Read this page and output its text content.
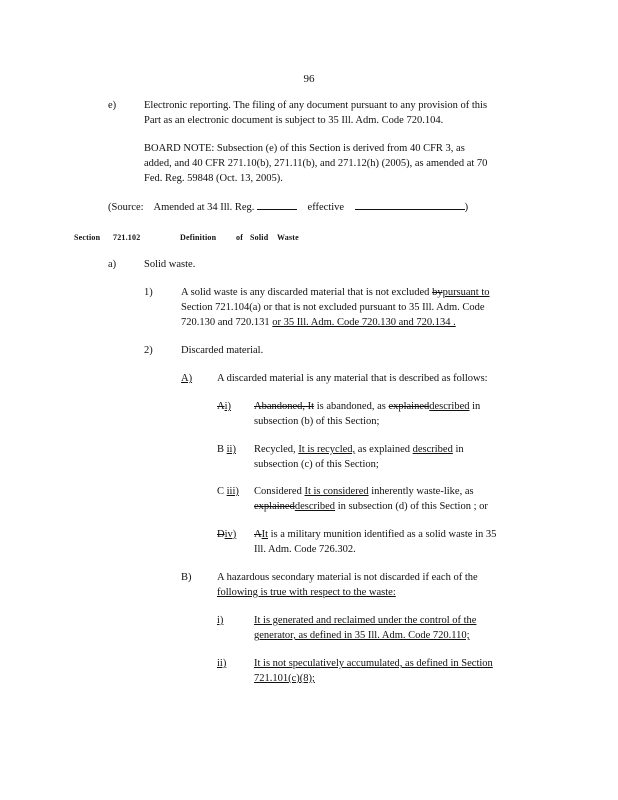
96
e)	Electronic reporting. The filing of any document pursuant to any provision of this
Part as an electronic document is subject to 35 Ill. Adm. Code 720.104.
BOARD NOTE: Subsection (e) of this Section is derived from 40 CFR 3, as
added, and 40 CFR 271.10(b), 271.11(b), and 271.12(h) (2005), as amended at 70
Fed. Reg. 59848 (Oct. 13, 2005).
(Source: Amended at 34 Ill. Reg.	effective	)
Section 721.102	Definition of Solid Waste
a)	Solid waste.
1)	A solid waste is any discarded material that is not excluded bypursuant to
Section 721.104(a) or that is not excluded pursuant to 35 Ill. Adm. Code
720.130 and 720.131 or 35 Ill. Adm. Code 720.130 and 720.134 .
2)	Discarded material.
A)	A discarded material is any material that is described as follows:
Ai) Abandoned, It is abandoned, as explaineddescribed in
subsection (b) of this Section;
B ii) Recycled, It is recycled, as explained described in
subsection (c) of this Section;
C iii) Considered It is considered inherently waste-like, as
explaineddescribed in subsection (d) of this Section ; or
Div) AIt is a military munition identified as a solid waste in 35
Ill. Adm. Code 726.302.
B) A hazardous secondary material is not discarded if each of the
following is true with respect to the waste:
i)	It is generated and reclaimed under the control of the
generator, as defined in 35 Ill. Adm. Code 720.110;
ii)	It is not speculatively accumulated, as defined in Section
721.101(c)(8);
